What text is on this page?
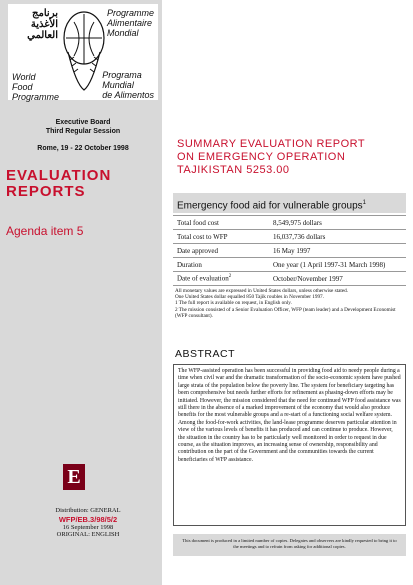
برنامج
الأغذية
العالمي
Programme
Alimentaire
Mondial
World
Food
Programme
Programa
Mundial
de Alimentos
Executive Board
Third Regular Session
Rome, 19 - 22 October 1998
EVALUATION
REPORTS
Agenda item 5
E
Distribution: GENERAL
WFP/EB.3/98/5/2
16 September 1998
ORIGINAL: ENGLISH
SUMMARY EVALUATION REPORT
ON EMERGENCY OPERATION
TAJIKISTAN 5253.00
Emergency food aid for vulnerable groups$^1$
Total food cost	8,549,975 dollars
Total cost to WFP	16,037,736 dollars
Date approved	16 May 1997
Duration	One year (1 April 1997-31 March 1998)
Date of evaluation$^2$	October/November 1997
All monetary values are expressed in United States dollars, unless otherwise stated.
One United States dollar equalled 850 Tajik roubles in November 1997.
1 The full report is available on request, in English only.
2 The mission consisted of a Senior Evaluation Officer, WFP (team leader) and a Development Economist (WFP consultant).
ABSTRACT
The WFP-assisted operation has been successful in providing food aid to needy people during a time when civil war and the dramatic transformation of the socio-economic system have pushed large strata of the population below the poverty line. The system for beneficiary targeting has been comprehensive but needs further efforts for refinement as phasing-down efforts may be initiated. However, the mission considered that the need for continued WFP food assistance was still there in the absence of a marked improvement of the economy that would also produce benefits for the most vulnerable groups and a re-start of a functioning social welfare system. Among the food-for-work activities, the land-lease programme deserves particular attention in view of the various levels of benefits it has produced and can continue to produce. However, the situation in the country has to be particularly well monitored in order to request in due course, as the situation improves, an increasing sense of ownership, responsibility and contribution on the part of the Government and the communities towards the current beneficiaries of WFP assistance.
This document is produced in a limited number of copies. Delegates and observers are kindly requested to bring it to the meetings and to refrain from asking for additional copies.
